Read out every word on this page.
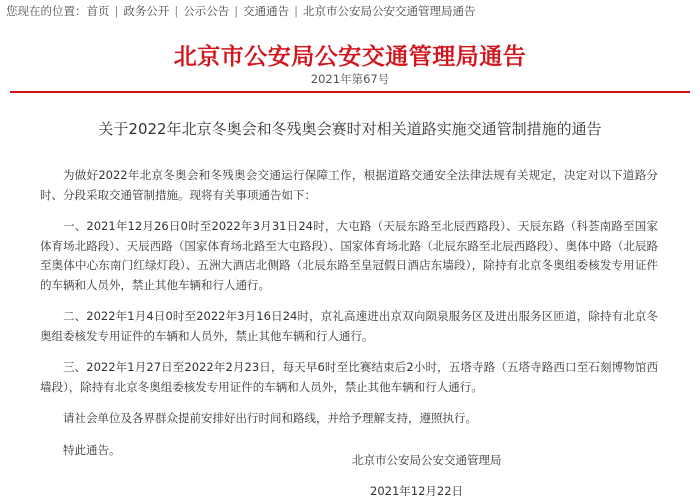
您现在的位置： 首页 | 政务公开 | 公示公告 | 交通通告 | 北京市公安局公安交通管理局通告
北京市公安局公安交通管理局通告
2021年第67号
关于2022年北京冬奥会和冬残奥会赛时对相关道路实施交通管制措施的通告

为做好2022年北京冬奥会和冬残奥会交通运行保障工作，根据道路交通安全法律法规有关规定，决定对以下道路分时、分段采取交通管制措施。现将有关事项通告如下：

一、2021年12月26日0时至2022年3月31日24时，大屯路（天辰东路至北辰西路段）、天辰东路（科荟南路至国家体育场北路段）、天辰西路（国家体育场北路至大屯路段）、国家体育场北路（北辰东路至北辰西路段）、奥体中路（北辰路至奥体中心东南门红绿灯段）、五洲大酒店北侧路（北辰东路至皇冠假日酒店东墙段），除持有北京冬奥组委核发专用证件的车辆和人员外，禁止其他车辆和行人通行。

二、2022年1月4日0时至2022年3月16日24时，京礼高速进出京双向陨泉服务区及进出服务区匝道，除持有北京冬奥组委核发专用证件的车辆和人员外，禁止其他车辆和行人通行。

三、2022年1月27日至2022年2月23日，每天早6时至比赛结束后2小时，五塔寺路（五塔寺路西口至石刻博物馆西墙段），除持有北京冬奥组委核发专用证件的车辆和人员外，禁止其他车辆和行人通行。

请社会单位及各界群众提前安排好出行时间和路线，并给予理解支持，遵照执行。

特此通告。

北京市公安局公安交通管理局
2021年12月22日
